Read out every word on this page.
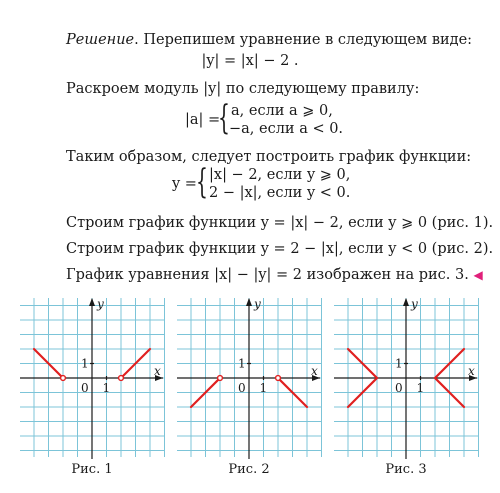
Решение. Перепишем уравнение в следующем виде:
|y| = |x| − 2 .
Раскроем модуль |y| по следующему правилу:
|a| =
{ a, если a ⩾ 0,
−a, если a < 0.
Таким образом, следует построить график функции:
y = { |x| − 2, если y ⩾ 0,
2 − |x|, если y < 0.
Строим график функции y = |x| − 2, если y ⩾ 0 (рис. 1).
Строим график функции y = 2 − |x|, если y < 0 (рис. 2).
График уравнения |x| − |y| = 2 изображен на рис. 3. ◀
y
x
0 1
1
Рис. 1
y
x
0 1
1
Рис. 2
y
x
0 1
1
Рис. 3
